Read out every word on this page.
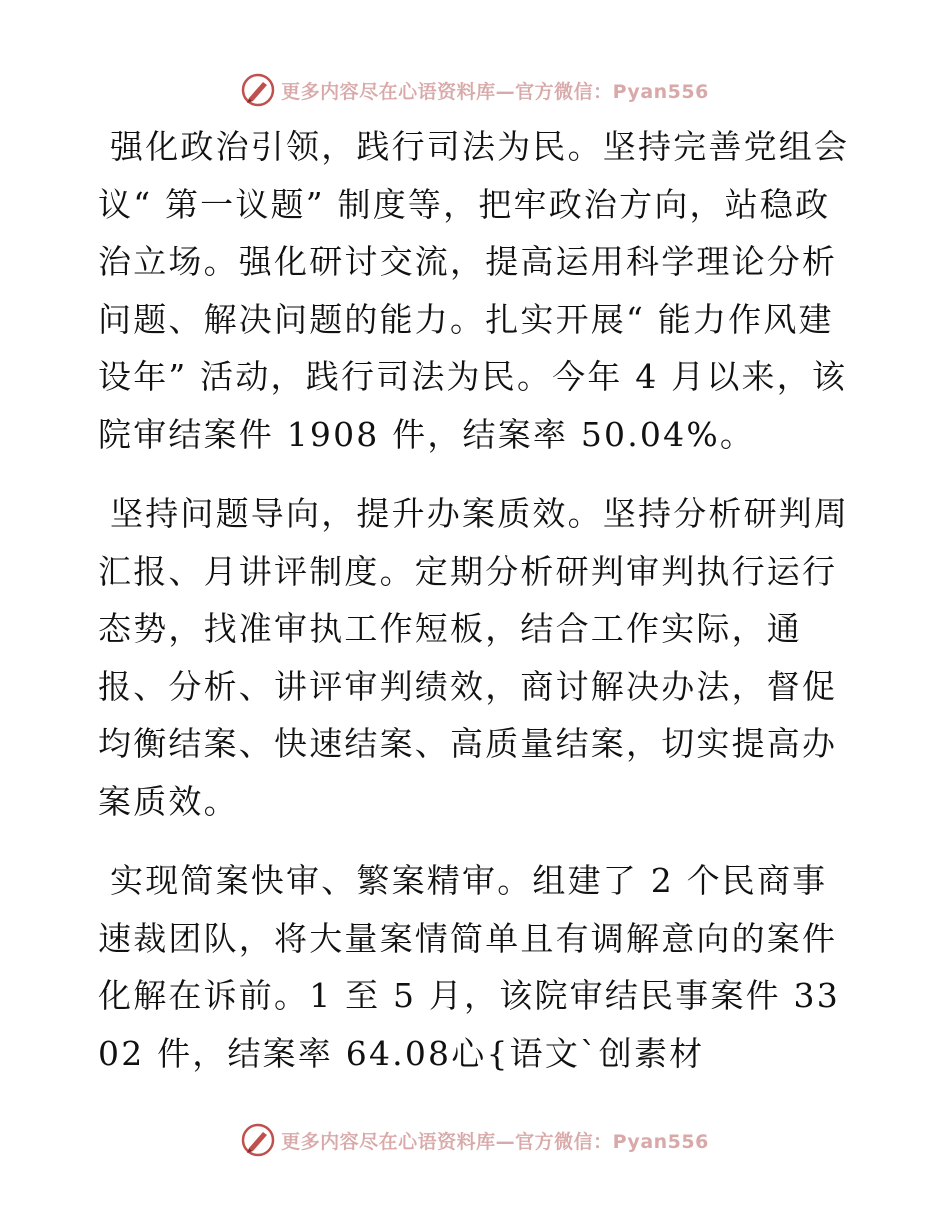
更多内容尽在心语资料库—官方微信：Pyan556

强化政治引领，践行司法为民。坚持完善党组会议“ 第一议题” 制度等，把牢政治方向，站稳政治立场。强化研讨交流，提高运用科学理论分析问题、解决问题的能力。扎实开展“ 能力作风建设年” 活动，践行司法为民。今年 4 月以来，该院审结案件 1908 件，结案率 50.04%。

坚持问题导向，提升办案质效。坚持分析研判周汇报、月讲评制度。定期分析研判审判执行运行态势，找准审执工作短板，结合工作实际，通报、分析、讲评审判绩效，商讨解决办法，督促均衡结案、快速结案、高质量结案，切实提高办案质效。

实现简案快审、繁案精审。组建了 2 个民商事速裁团队，将大量案情简单且有调解意向的案件化解在诉前。1 至 5 月，该院审结民事案件 3302 件，结案率 64.08心{语文`创素材

更多内容尽在心语资料库—官方微信：Pyan556
